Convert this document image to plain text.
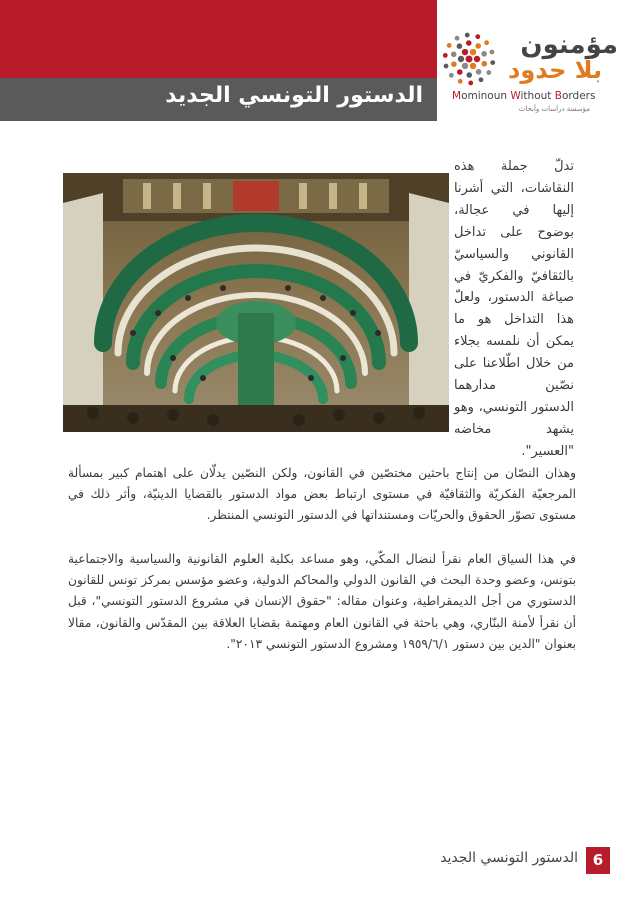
الدستور التونسي الجديد
مؤمنون
بلا حدود
Mominoun Without Borders
مؤسسة دراسات وأبحاث
تدلّ جملة هذه النقاشات، التي أشرنا إليها في عجالة، بوضوح على تداخل القانوني والسياسيّ بالثقافيّ والفكريّ في صياغة الدستور، ولعلّ هذا التداخل هو ما يمكن أن نلمسه بجلاء من خلال اطّلاعنا على نصّين مدارهما الدستور التونسي، وهو يشهد مخاضه "العسير".
وهذان النصّان من إنتاج باحثين مختصّين في القانون، ولكن النصّين يدلّان على اهتمام كبير بمسألة المرجعيّة الفكريّة والثقافيّة في مستوى ارتباط بعض مواد الدستور بالقضايا الدينيّة، وأثر ذلك في مستوى تصوّر الحقوق والحريّات ومستنداتها في الدستور التونسي المنتظر.
في هذا السياق العام نقرأ لنضال المكّي، وهو مساعد بكلية العلوم القانونية والسياسية والاجتماعية بتونس، وعضو وحدة البحث في القانون الدولي والمحاكم الدولية، وعضو مؤسس بمركز تونس للقانون الدستوري من أجل الديمقراطية، وعنوان مقاله: "حقوق الإنسان في مشروع الدستور التونسي"، قبل أن نقرأ لأمنة البنّاري، وهي باحثة في القانون العام ومهتمة بقضايا العلاقة بين المقدّس والقانون، مقالا بعنوان "الدين بين دستور ١٩٥٩/٦/١ ومشروع الدستور التونسي ٢٠١٣".
الدستور التونسي الجديد 6
